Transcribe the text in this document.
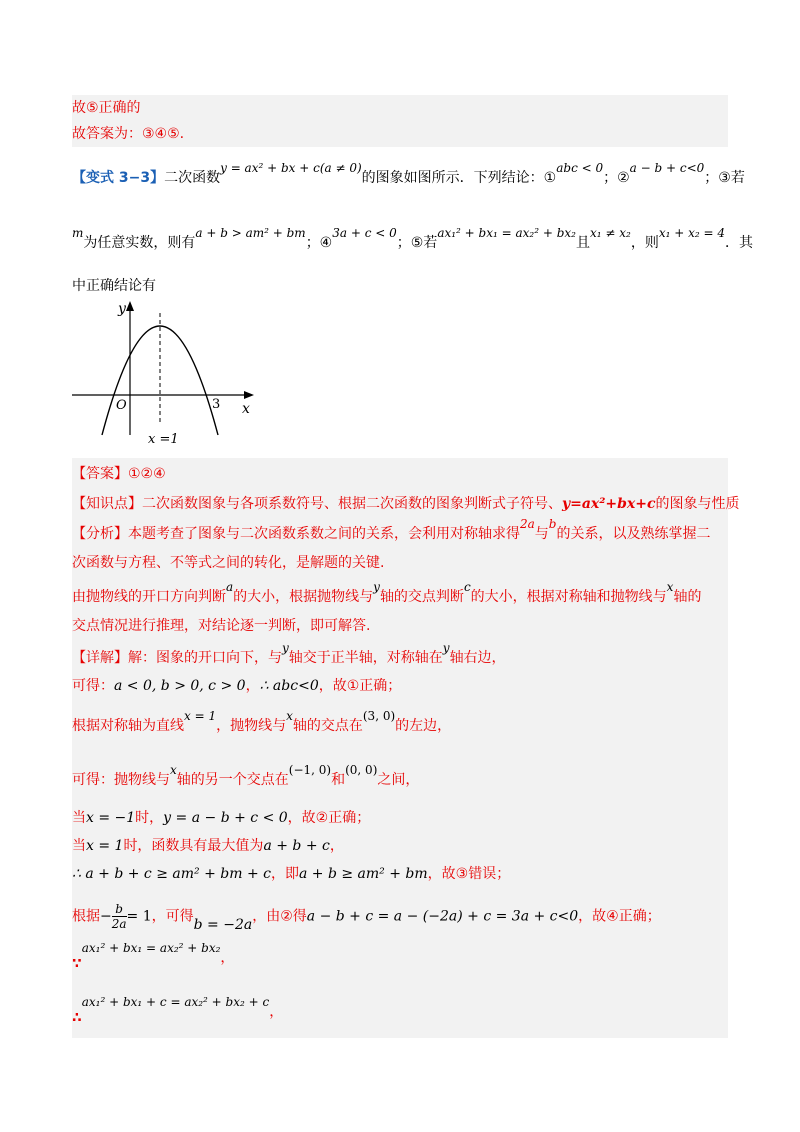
故⑤正确的
故答案为：③④⑤.
【变式 3−3】二次函数y = ax² + bx + c(a ≠ 0)的图象如图所示．下列结论：①abc < 0；②a − b + c<0；③若
m为任意实数，则有a + b > am² + bm；④3a + c < 0；⑤若ax₁² + bx₁ = ax₂² + bx₂且x₁ ≠ x₂，则x₁ + x₂ = 4．其
中正确结论有
y
x
O	3
x =1
【答案】①②④
【知识点】二次函数图象与各项系数符号、根据二次函数的图象判断式子符号、y=ax²+bx+c的图象与性质
【分析】本题考查了图象与二次函数系数之间的关系，会利用对称轴求得2a与b的关系，以及熟练掌握二
次函数与方程、不等式之间的转化，是解题的关键.
由抛物线的开口方向判断a的大小，根据抛物线与y轴的交点判断c的大小，根据对称轴和抛物线与x轴的
交点情况进行推理，对结论逐一判断，即可解答.
【详解】解：图象的开口向下，与y轴交于正半轴，对称轴在y轴右边，
可得：a < 0, b > 0, c > 0，∴ abc<0，故①正确；
根据对称轴为直线x = 1，抛物线与x轴的交点在(3, 0)的左边，
可得：抛物线与x轴的另一个交点在(−1, 0)和(0, 0)之间，
当x = −1时，y = a − b + c < 0，故②正确；
当x = 1时，函数具有最大值为a + b + c，
∴ a + b + c ≥ am² + bm + c，即a + b ≥ am² + bm，故③错误；
根据− $\frac{b}{2a} = 1$，可得b = −2a，由②得a − b + c = a − (−2a) + c = 3a + c<0，故④正确；
∵ax₁² + bx₁ = ax₂² + bx₂，
∴ax₁² + bx₁ + c = ax₂² + bx₂ + c，
